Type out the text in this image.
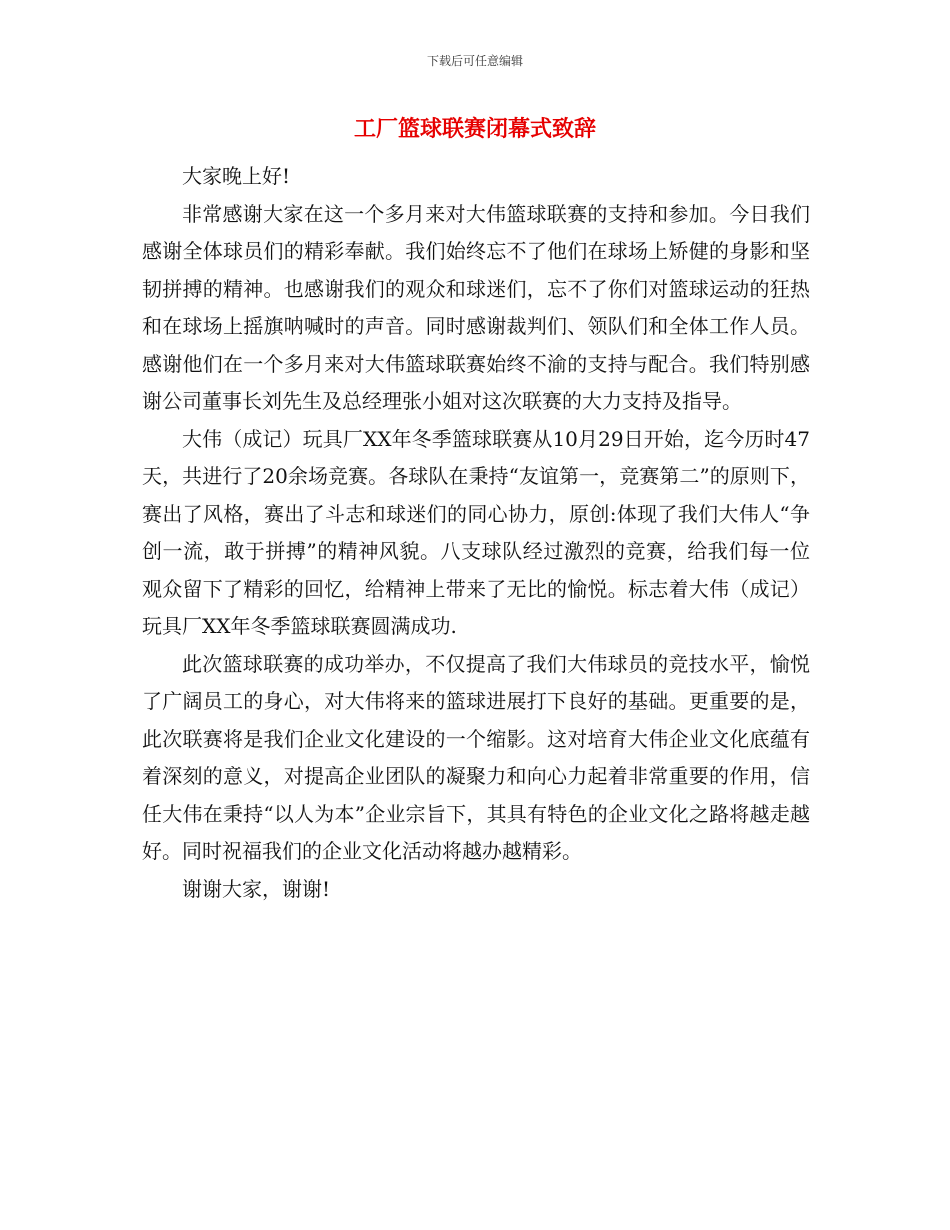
下载后可任意编辑
工厂篮球联赛闭幕式致辞

大家晚上好!

非常感谢大家在这一个多月来对大伟篮球联赛的支持和参加。今日我们感谢全体球员们的精彩奉献。我们始终忘不了他们在球场上矫健的身影和坚韧拼搏的精神。也感谢我们的观众和球迷们，忘不了你们对篮球运动的狂热和在球场上摇旗呐喊时的声音。同时感谢裁判们、领队们和全体工作人员。感谢他们在一个多月来对大伟篮球联赛始终不渝的支持与配合。我们特别感谢公司董事长刘先生及总经理张小姐对这次联赛的大力支持及指导。

大伟（成记）玩具厂XX年冬季篮球联赛从10月29日开始，迄今历时47天，共进行了20余场竞赛。各球队在秉持“友谊第一，竞赛第二”的原则下，赛出了风格，赛出了斗志和球迷们的同心协力，原创:体现了我们大伟人“争创一流，敢于拼搏”的精神风貌。八支球队经过激烈的竞赛，给我们每一位观众留下了精彩的回忆，给精神上带来了无比的愉悦。标志着大伟（成记）玩具厂XX年冬季篮球联赛圆满成功.

此次篮球联赛的成功举办，不仅提高了我们大伟球员的竞技水平，愉悦了广阔员工的身心，对大伟将来的篮球进展打下良好的基础。更重要的是，此次联赛将是我们企业文化建设的一个缩影。这对培育大伟企业文化底蕴有着深刻的意义，对提高企业团队的凝聚力和向心力起着非常重要的作用，信任大伟在秉持“以人为本”企业宗旨下，其具有特色的企业文化之路将越走越好。同时祝福我们的企业文化活动将越办越精彩。

谢谢大家，谢谢!
